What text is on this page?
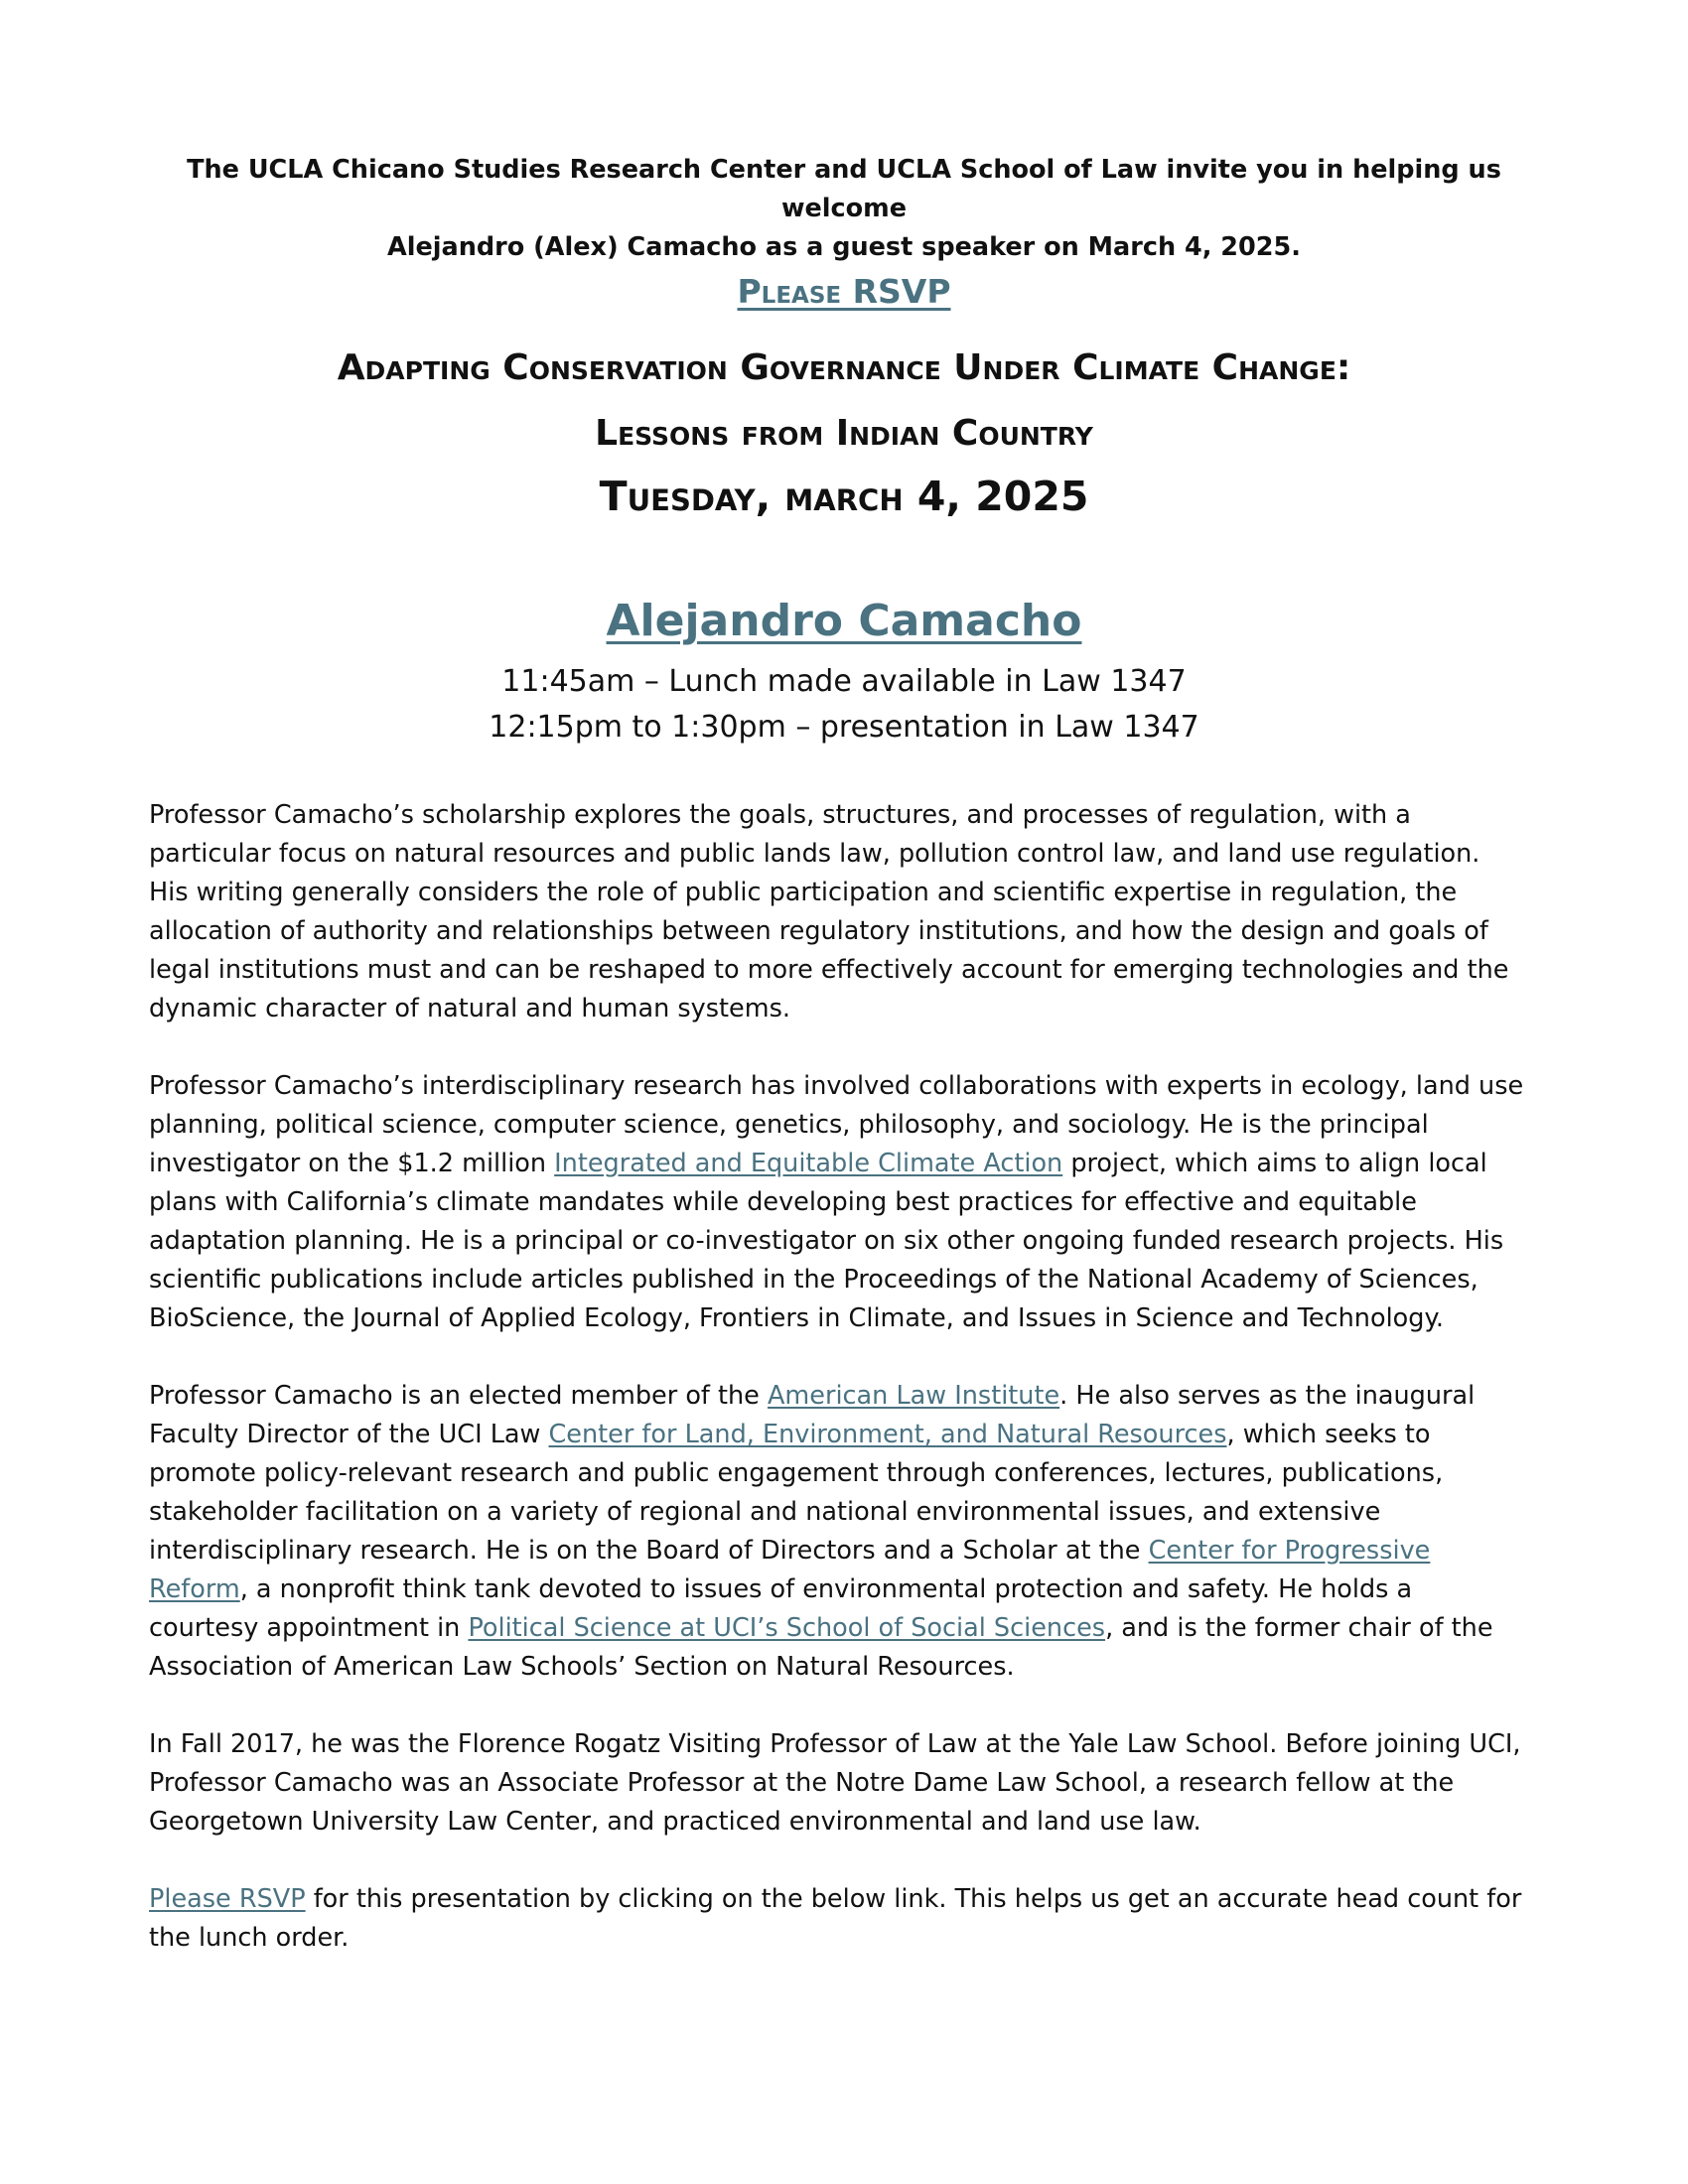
The UCLA Chicano Studies Research Center and UCLA School of Law invite you in helping us welcome
Alejandro (Alex) Camacho as a guest speaker on March 4, 2025.
Please RSVP
Adapting Conservation Governance Under Climate Change:
Lessons from Indian Country
Tuesday, march 4, 2025
Alejandro Camacho
11:45am – Lunch made available in Law 1347
12:15pm to 1:30pm – presentation in Law 1347

Professor Camacho’s scholarship explores the goals, structures, and processes of regulation, with a
particular focus on natural resources and public lands law, pollution control law, and land use regulation.
His writing generally considers the role of public participation and scientific expertise in regulation, the
allocation of authority and relationships between regulatory institutions, and how the design and goals of
legal institutions must and can be reshaped to more effectively account for emerging technologies and the
dynamic character of natural and human systems.

Professor Camacho’s interdisciplinary research has involved collaborations with experts in ecology, land use
planning, political science, computer science, genetics, philosophy, and sociology. He is the principal
investigator on the $1.2 million Integrated and Equitable Climate Action project, which aims to align local
plans with California’s climate mandates while developing best practices for effective and equitable
adaptation planning. He is a principal or co-investigator on six other ongoing funded research projects. His
scientific publications include articles published in the Proceedings of the National Academy of Sciences,
BioScience, the Journal of Applied Ecology, Frontiers in Climate, and Issues in Science and Technology.

Professor Camacho is an elected member of the American Law Institute. He also serves as the inaugural
Faculty Director of the UCI Law Center for Land, Environment, and Natural Resources, which seeks to
promote policy-relevant research and public engagement through conferences, lectures, publications,
stakeholder facilitation on a variety of regional and national environmental issues, and extensive
interdisciplinary research. He is on the Board of Directors and a Scholar at the Center for Progressive
Reform, a nonprofit think tank devoted to issues of environmental protection and safety. He holds a
courtesy appointment in Political Science at UCI’s School of Social Sciences, and is the former chair of the
Association of American Law Schools’ Section on Natural Resources.

In Fall 2017, he was the Florence Rogatz Visiting Professor of Law at the Yale Law School. Before joining UCI,
Professor Camacho was an Associate Professor at the Notre Dame Law School, a research fellow at the
Georgetown University Law Center, and practiced environmental and land use law.

Please RSVP for this presentation by clicking on the below link. This helps us get an accurate head count for
the lunch order.
